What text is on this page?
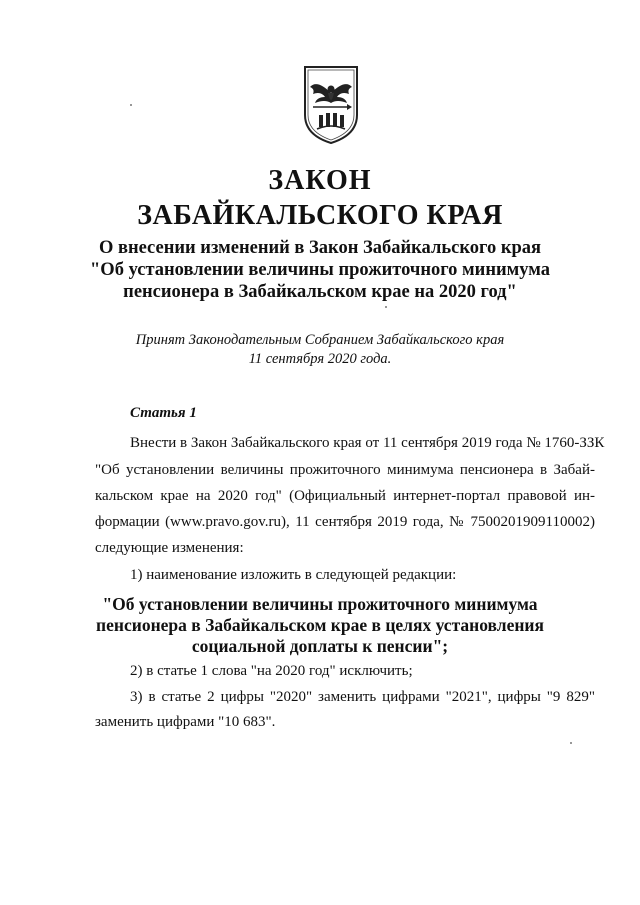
ЗАКОН
ЗАБАЙКАЛЬСКОГО КРАЯ
О внесении изменений в Закон Забайкальского края
"Об установлении величины прожиточного минимума
пенсионера в Забайкальском крае на 2020 год"
Принят Законодательным Собранием Забайкальского края
11 сентября 2020 года.
Статья 1
Внести в Закон Забайкальского края от 11 сентября 2019 года № 1760-ЗЗК
"Об установлении величины прожиточного минимума пенсионера в Забай-
кальском крае на 2020 год" (Официальный интернет-портал правовой ин-
формации (www.pravo.gov.ru), 11 сентября 2019 года, № 7500201909110002)
следующие изменения:
1) наименование изложить в следующей редакции:
"Об установлении величины прожиточного минимума
пенсионера в Забайкальском крае в целях установления
социальной доплаты к пенсии";
2) в статье 1 слова "на 2020 год" исключить;
3) в статье 2 цифры "2020" заменить цифрами "2021", цифры "9 829"
заменить цифрами "10 683".
